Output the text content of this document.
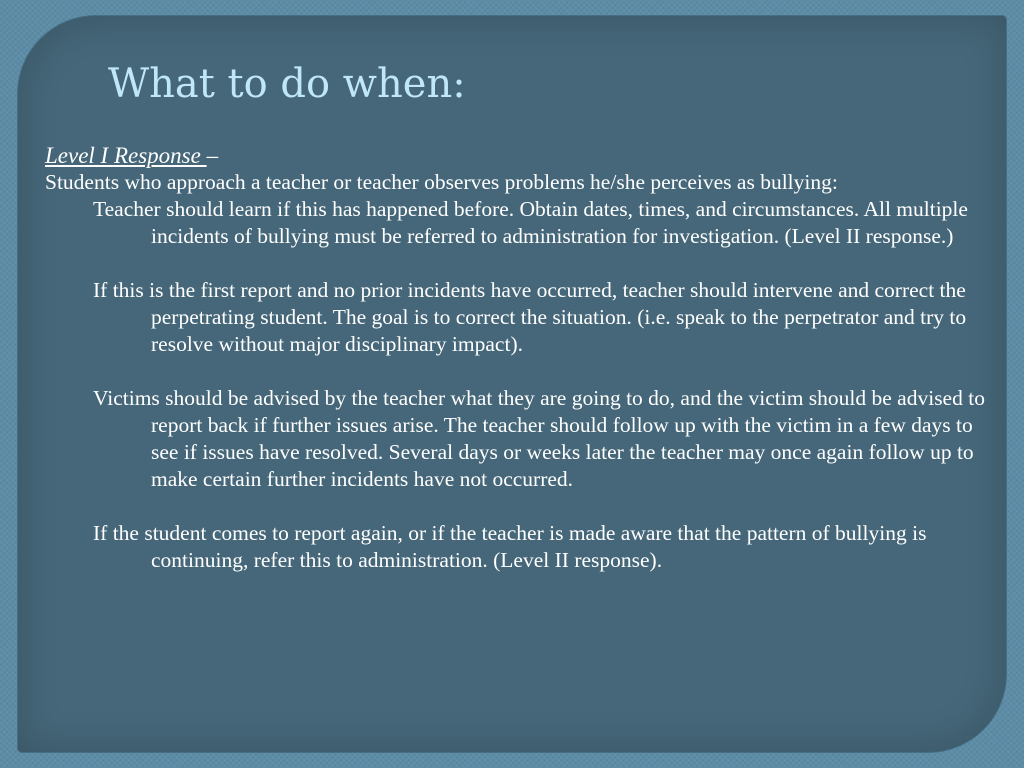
What to do when:

Level I Response –

Students who approach a teacher or teacher observes problems he/she perceives as bullying:

Teacher should learn if this has happened before. Obtain dates, times, and circumstances. All multiple incidents of bullying must be referred to administration for investigation. (Level II response.)

If this is the first report and no prior incidents have occurred, teacher should intervene and correct the perpetrating student. The goal is to correct the situation. (i.e. speak to the perpetrator and try to resolve without major disciplinary impact).

Victims should be advised by the teacher what they are going to do, and the victim should be advised to report back if further issues arise. The teacher should follow up with the victim in a few days to see if issues have resolved. Several days or weeks later the teacher may once again follow up to make certain further incidents have not occurred.

If the student comes to report again, or if the teacher is made aware that the pattern of bullying is continuing, refer this to administration. (Level II response).
